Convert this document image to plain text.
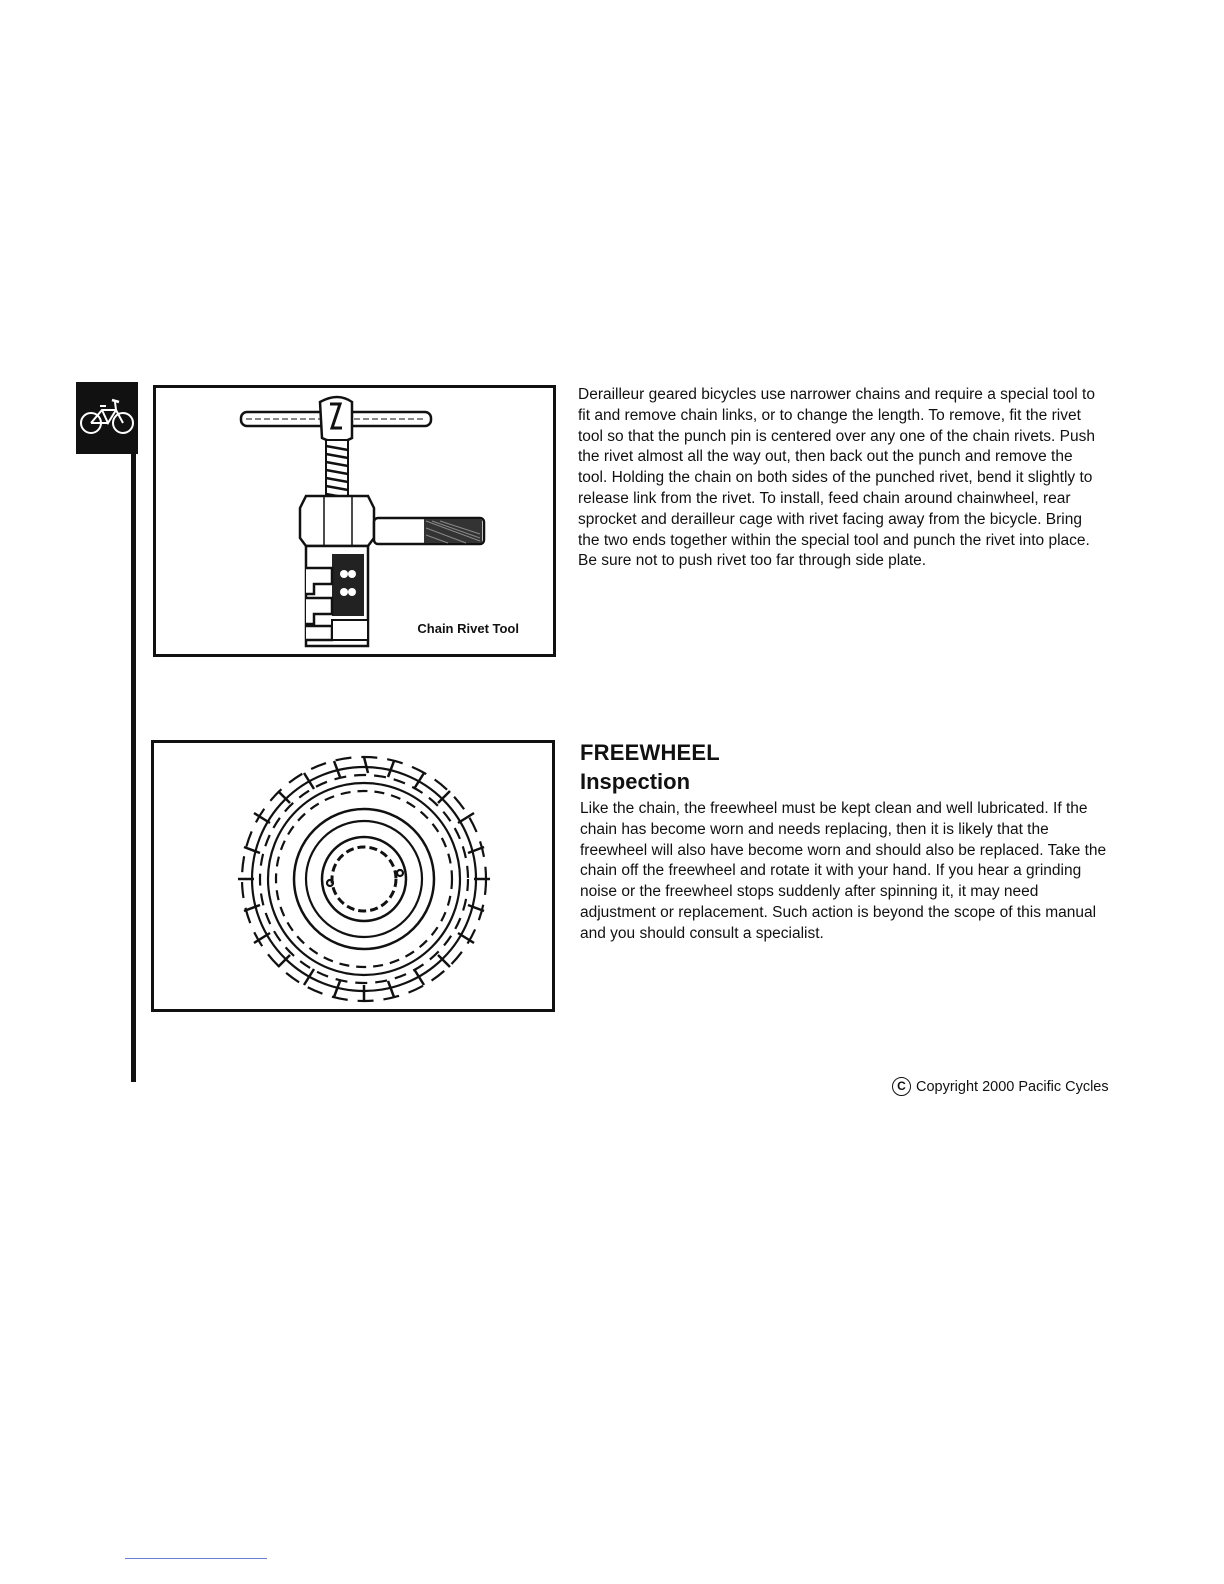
Chain Rivet Tool
Derailleur geared bicycles use narrower chains and require a special tool to fit and remove chain links, or to change the length. To remove, fit the rivet tool so that the punch pin is centered over any one of the chain rivets. Push the rivet almost all the way out, then back out the punch and remove the tool. Holding the chain on both sides of the punched rivet, bend it slightly to release link from the rivet. To install, feed chain around chainwheel, rear sprocket and derailleur cage with rivet facing away from the bicycle. Bring the two ends together within the special tool and punch the rivet into place. Be sure not to push rivet too far through side plate.
FREEWHEEL
Inspection
Like the chain, the freewheel must be kept clean and well lubricated. If the chain has become worn and needs replacing, then it is likely that the freewheel will also have become worn and should also be replaced. Take the chain off the freewheel and rotate it with your hand. If you hear a grinding noise or the freewheel stops suddenly after spinning it, it may need adjustment or replacement. Such action is beyond the scope of this manual and you should consult a specialist.
C Copyright 2000 Pacific Cycles
